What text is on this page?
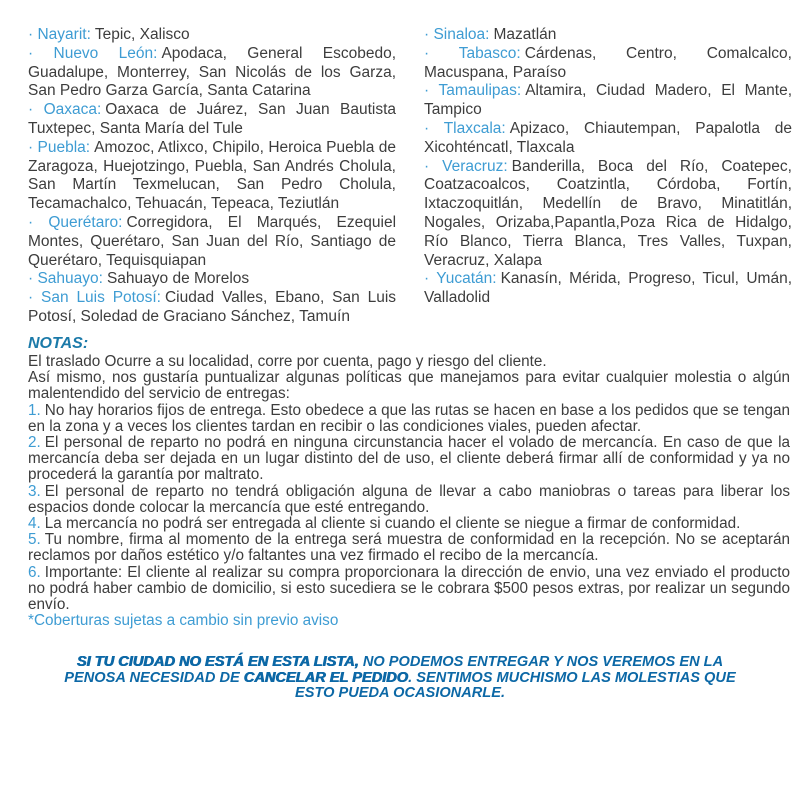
· Nayarit: Tepic, Xalisco

· Nuevo León: Apodaca, General Escobedo, Guadalupe, Monterrey, San Nicolás de los Garza, San Pedro Garza García, Santa Catarina

· Oaxaca: Oaxaca de Juárez, San Juan Bautista Tuxtepec, Santa María del Tule

· Puebla: Amozoc, Atlixco, Chipilo, Heroica Puebla de Zaragoza, Huejotzingo, Puebla, San Andrés Cholula, San Martín Texmelucan, San Pedro Cholula, Tecamachalco, Tehuacán, Tepeaca, Teziutlán

· Querétaro: Corregidora, El Marqués, Ezequiel Montes, Querétaro, San Juan del Río, Santiago de Querétaro, Tequisquiapan

· Sahuayo: Sahuayo de Morelos

· San Luis Potosí: Ciudad Valles, Ebano, San Luis Potosí, Soledad de Graciano Sánchez, Tamuín

· Sinaloa: Mazatlán

· Tabasco: Cárdenas, Centro, Comalcalco, Macuspana, Paraíso

· Tamaulipas: Altamira, Ciudad Madero, El Mante, Tampico

· Tlaxcala: Apizaco, Chiautempan, Papalotla de Xicohténcatl, Tlaxcala

· Veracruz: Banderilla, Boca del Río, Coatepec, Coatzacoalcos, Coatzintla, Córdoba, Fortín, Ixtaczoquitlán, Medellín de Bravo, Minatitlán, Nogales, Orizaba,Papantla,Poza Rica de Hidalgo, Río Blanco, Tierra Blanca, Tres Valles, Tuxpan, Veracruz, Xalapa

· Yucatán: Kanasín, Mérida, Progreso, Ticul, Umán, Valladolid

NOTAS:

El traslado Ocurre a su localidad, corre por cuenta, pago y riesgo del cliente.

Así mismo, nos gustaría puntualizar algunas políticas que manejamos para evitar cualquier molestia o algún malentendido del servicio de entregas:

1. No hay horarios fijos de entrega. Esto obedece a que las rutas se hacen en base a los pedidos que se tengan en la zona y a veces los clientes tardan en recibir o las condiciones viales, pueden afectar.

2. El personal de reparto no podrá en ninguna circunstancia hacer el volado de mercancía. En caso de que la mercancía deba ser dejada en un lugar distinto del de uso, el cliente deberá firmar allí de conformidad y ya no procederá la garantía por maltrato.

3. El personal de reparto no tendrá obligación alguna de llevar a cabo maniobras o tareas para liberar los espacios donde colocar la mercancía que esté entregando.

4. La mercancía no podrá ser entregada al cliente si cuando el cliente se niegue a firmar de conformidad.

5. Tu nombre, firma al momento de la entrega será muestra de conformidad en la recepción. No se aceptarán reclamos por daños estético y/o faltantes una vez firmado el recibo de la mercancía.

6. Importante: El cliente al realizar su compra proporcionara la dirección de envio, una vez enviado el producto no podrá haber cambio de domicilio, si esto sucediera se le cobrara $500 pesos extras, por realizar un segundo envío.

*Coberturas sujetas a cambio sin previo aviso

SI TU CIUDAD NO ESTÁ EN ESTA LISTA, NO PODEMOS ENTREGAR Y NOS VEREMOS EN LA PENOSA NECESIDAD DE CANCELAR EL PEDIDO. SENTIMOS MUCHISMO LAS MOLESTIAS QUE ESTO PUEDA OCASIONARLE.
